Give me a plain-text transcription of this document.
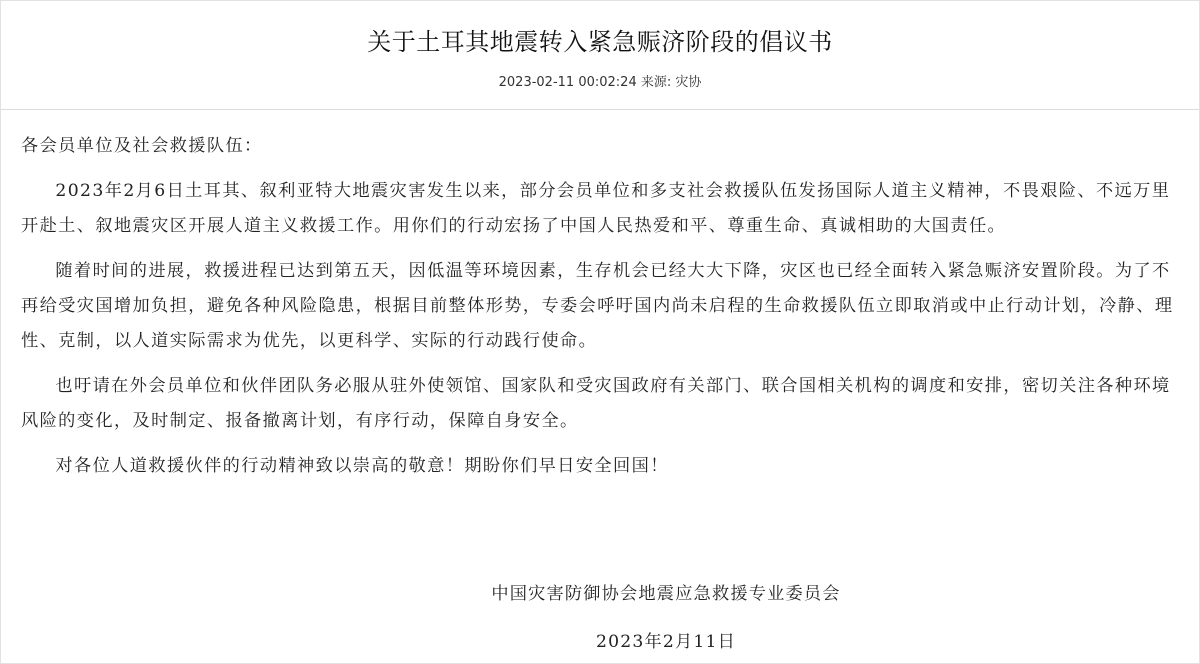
关于土耳其地震转入紧急赈济阶段的倡议书
2023-02-11 00:02:24 来源: 灾协

各会员单位及社会救援队伍：

2023年2月6日土耳其、叙利亚特大地震灾害发生以来，部分会员单位和多支社会救援队伍发扬国际人道主义精神，不畏艰险、不远万里开赴土、叙地震灾区开展人道主义救援工作。用你们的行动宏扬了中国人民热爱和平、尊重生命、真诚相助的大国责任。

随着时间的进展，救援进程已达到第五天，因低温等环境因素，生存机会已经大大下降，灾区也已经全面转入紧急赈济安置阶段。为了不再给受灾国增加负担，避免各种风险隐患，根据目前整体形势，专委会呼吁国内尚未启程的生命救援队伍立即取消或中止行动计划，冷静、理性、克制，以人道实际需求为优先，以更科学、实际的行动践行使命。

也吁请在外会员单位和伙伴团队务必服从驻外使领馆、国家队和受灾国政府有关部门、联合国相关机构的调度和安排，密切关注各种环境风险的变化，及时制定、报备撤离计划，有序行动，保障自身安全。

对各位人道救援伙伴的行动精神致以崇高的敬意！期盼你们早日安全回国！

中国灾害防御协会地震应急救援专业委员会
2023年2月11日
